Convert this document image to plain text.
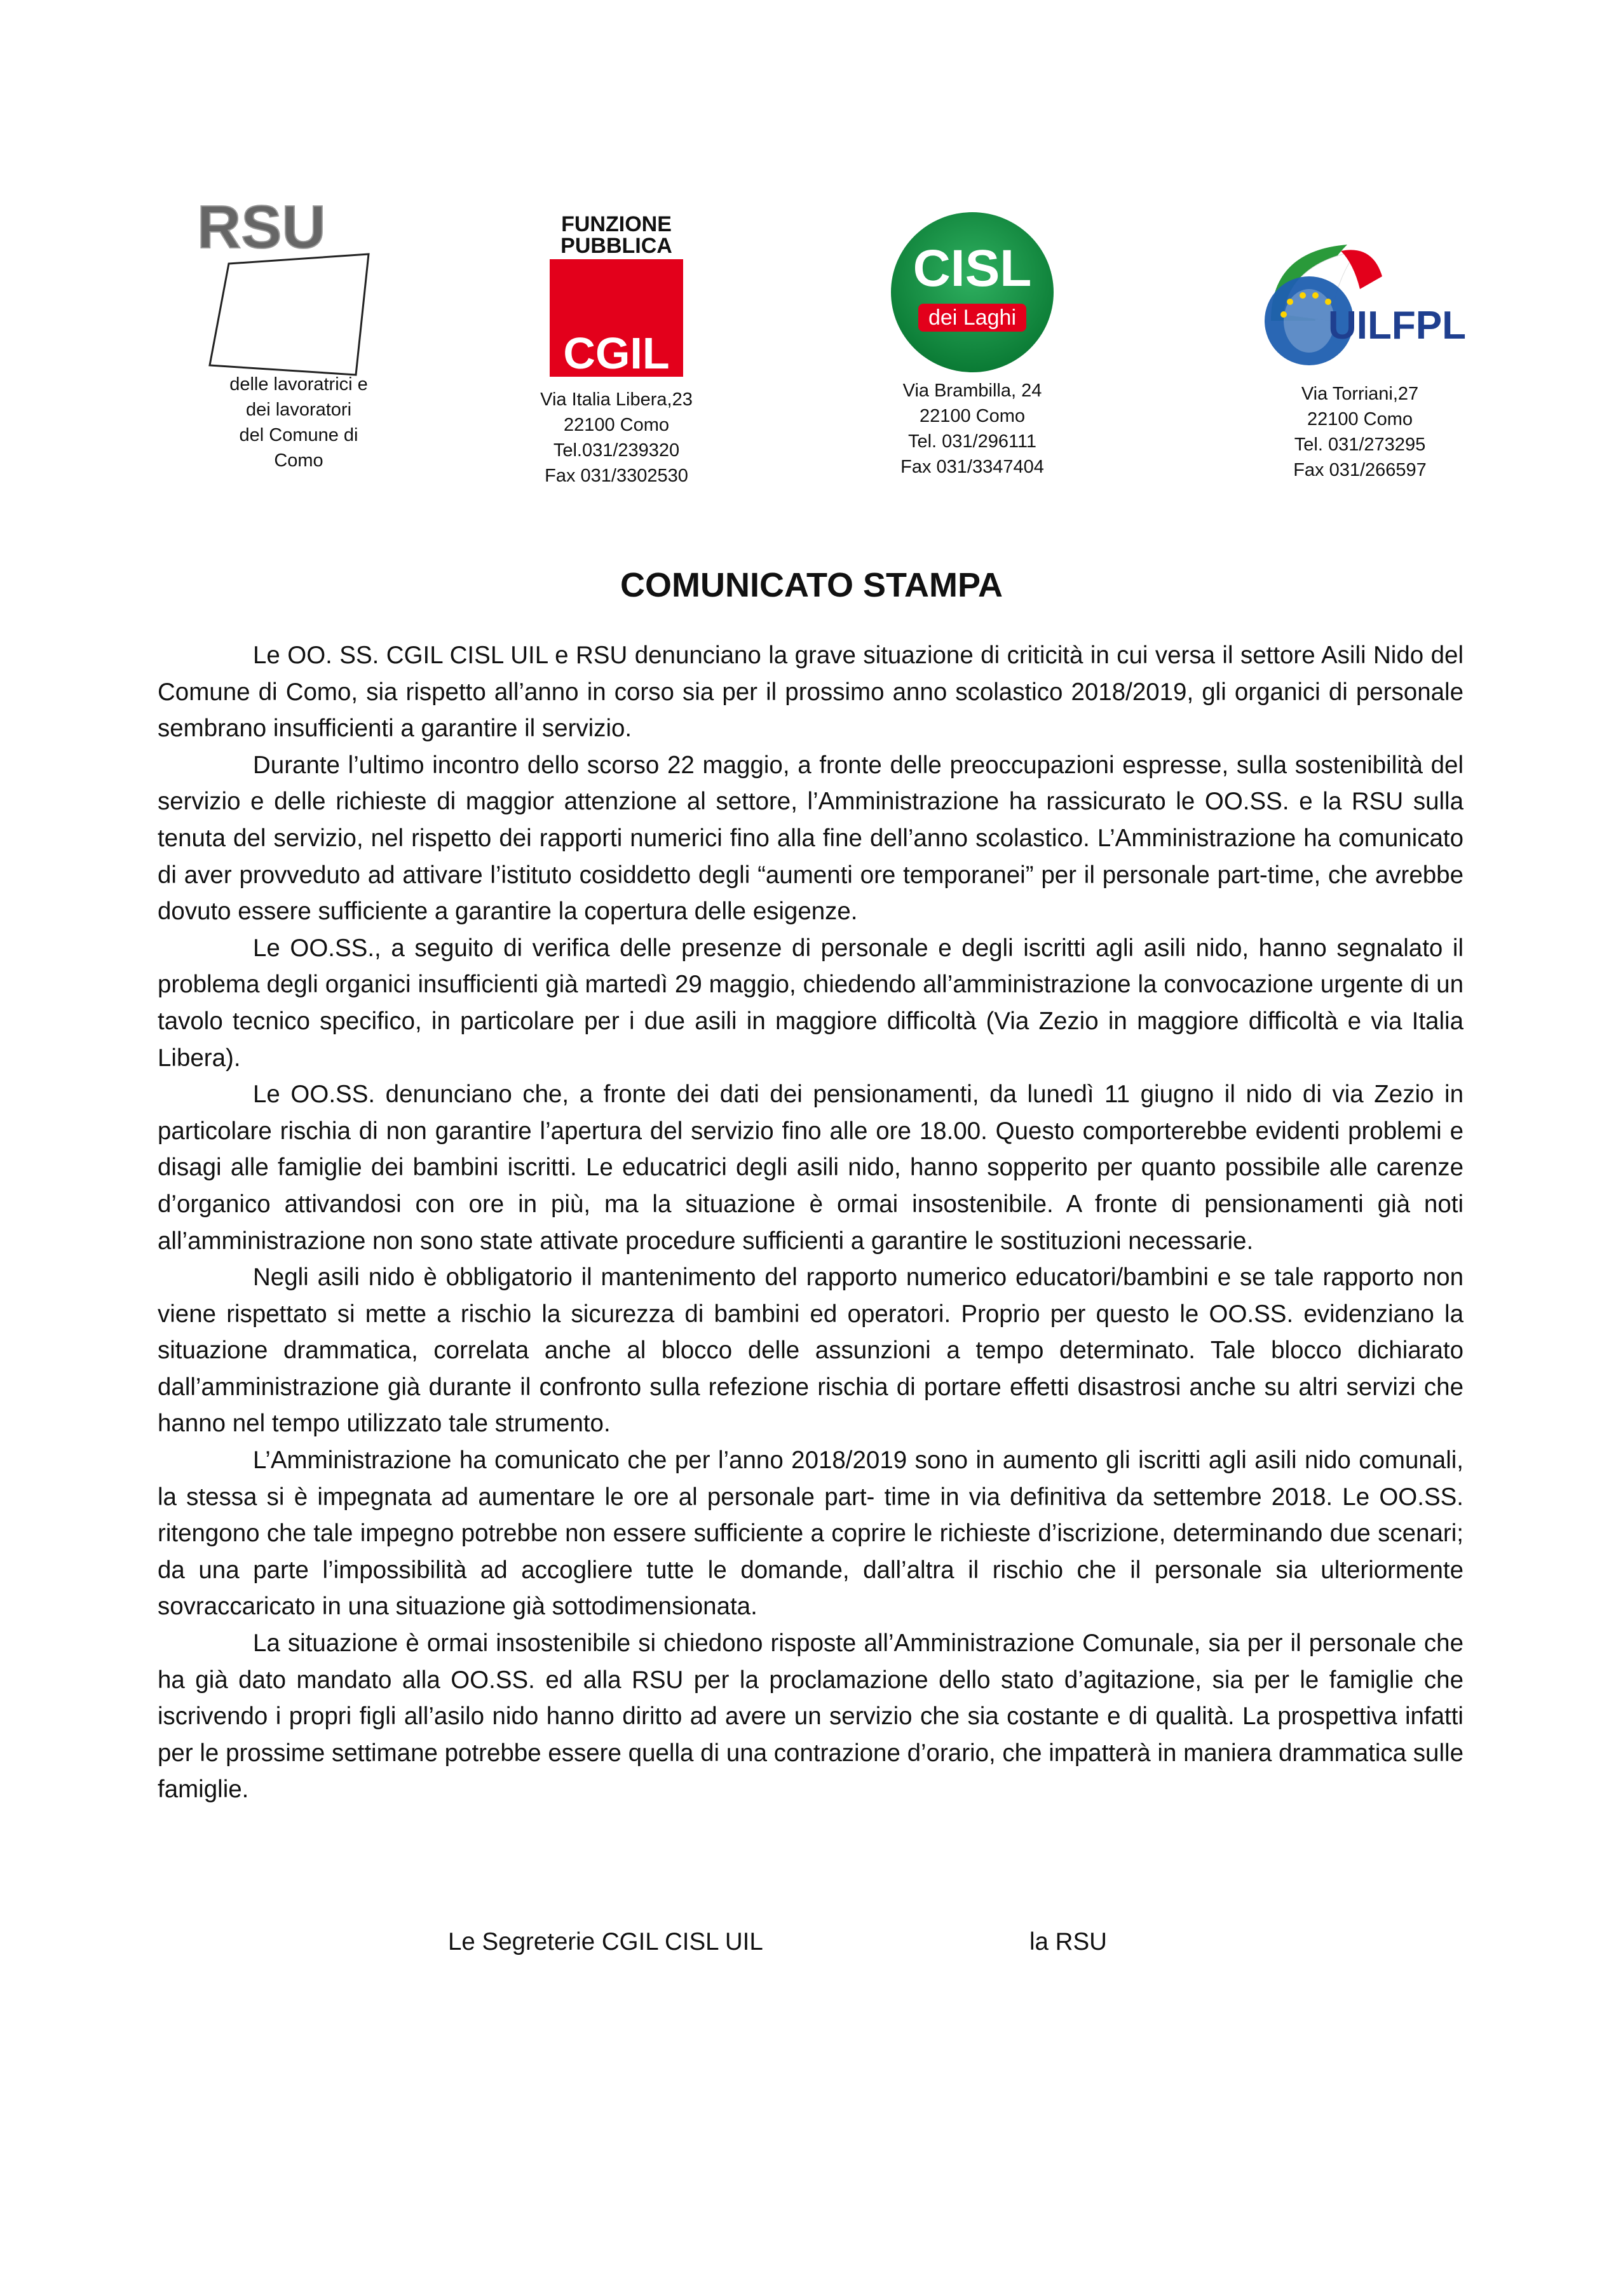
RSU
delle lavoratrici e
dei lavoratori
del Comune di
Como
FUNZIONE
PUBBLICA
CGIL
Via Italia Libera,23
22100 Como
Tel.031/239320
Fax 031/3302530
CISL
dei Laghi
Via Brambilla, 24
22100 Como
Tel. 031/296111
Fax 031/3347404
UILFPL
Via Torriani,27
22100 Como
Tel. 031/273295
Fax 031/266597
COMUNICATO STAMPA

Le OO. SS. CGIL CISL UIL e RSU denunciano la grave situazione di criticità in cui versa il settore Asili Nido del Comune di Como, sia rispetto all’anno in corso sia per il prossimo anno scolastico 2018/2019, gli organici di personale sembrano insufficienti a garantire il servizio.

Durante l’ultimo incontro dello scorso 22 maggio, a fronte delle preoccupazioni espresse, sulla sostenibilità del servizio e delle richieste di maggior attenzione al settore, l’Amministrazione ha rassicurato le OO.SS. e la RSU sulla tenuta del servizio, nel rispetto dei rapporti numerici fino alla fine dell’anno scolastico. L’Amministrazione ha comunicato di aver provveduto ad attivare l’istituto cosiddetto degli “aumenti ore temporanei” per il personale part-time, che avrebbe dovuto essere sufficiente a garantire la copertura delle esigenze.

Le OO.SS., a seguito di verifica delle presenze di personale e degli iscritti agli asili nido, hanno segnalato il problema degli organici insufficienti già martedì 29 maggio, chiedendo all’amministrazione la convocazione urgente di un tavolo tecnico specifico, in particolare per i due asili in maggiore difficoltà (Via Zezio in maggiore difficoltà e via Italia Libera).

Le OO.SS. denunciano che, a fronte dei dati dei pensionamenti, da lunedì 11 giugno il nido di via Zezio in particolare rischia di non garantire l’apertura del servizio fino alle ore 18.00. Questo comporterebbe evidenti problemi e disagi alle famiglie dei bambini iscritti. Le educatrici degli asili nido, hanno sopperito per quanto possibile alle carenze d’organico attivandosi con ore in più, ma la situazione è ormai insostenibile. A fronte di pensionamenti già noti all’amministrazione non sono state attivate procedure sufficienti a garantire le sostituzioni necessarie.

Negli asili nido è obbligatorio il mantenimento del rapporto numerico educatori/bambini e se tale rapporto non viene rispettato si mette a rischio la sicurezza di bambini ed operatori. Proprio per questo le OO.SS. evidenziano la situazione drammatica, correlata anche al blocco delle assunzioni a tempo determinato. Tale blocco dichiarato dall’amministrazione già durante il confronto sulla refezione rischia di portare effetti disastrosi anche su altri servizi che hanno nel tempo utilizzato tale strumento.

L’Amministrazione ha comunicato che per l’anno 2018/2019 sono in aumento gli iscritti agli asili nido comunali, la stessa si è impegnata ad aumentare le ore al personale part- time in via definitiva da settembre 2018. Le OO.SS. ritengono che tale impegno potrebbe non essere sufficiente a coprire le richieste d’iscrizione, determinando due scenari; da una parte l’impossibilità ad accogliere tutte le domande, dall’altra il rischio che il personale sia ulteriormente sovraccaricato in una situazione già sottodimensionata.

La situazione è ormai insostenibile si chiedono risposte all’Amministrazione Comunale, sia per il personale che ha già dato mandato alla OO.SS. ed alla RSU per la proclamazione dello stato d’agitazione, sia per le famiglie che iscrivendo i propri figli all’asilo nido hanno diritto ad avere un servizio che sia costante e di qualità. La prospettiva infatti per le prossime settimane potrebbe essere quella di una contrazione d’orario, che impatterà in maniera drammatica sulle famiglie.

Le Segreterie CGIL CISL UIL	la RSU
